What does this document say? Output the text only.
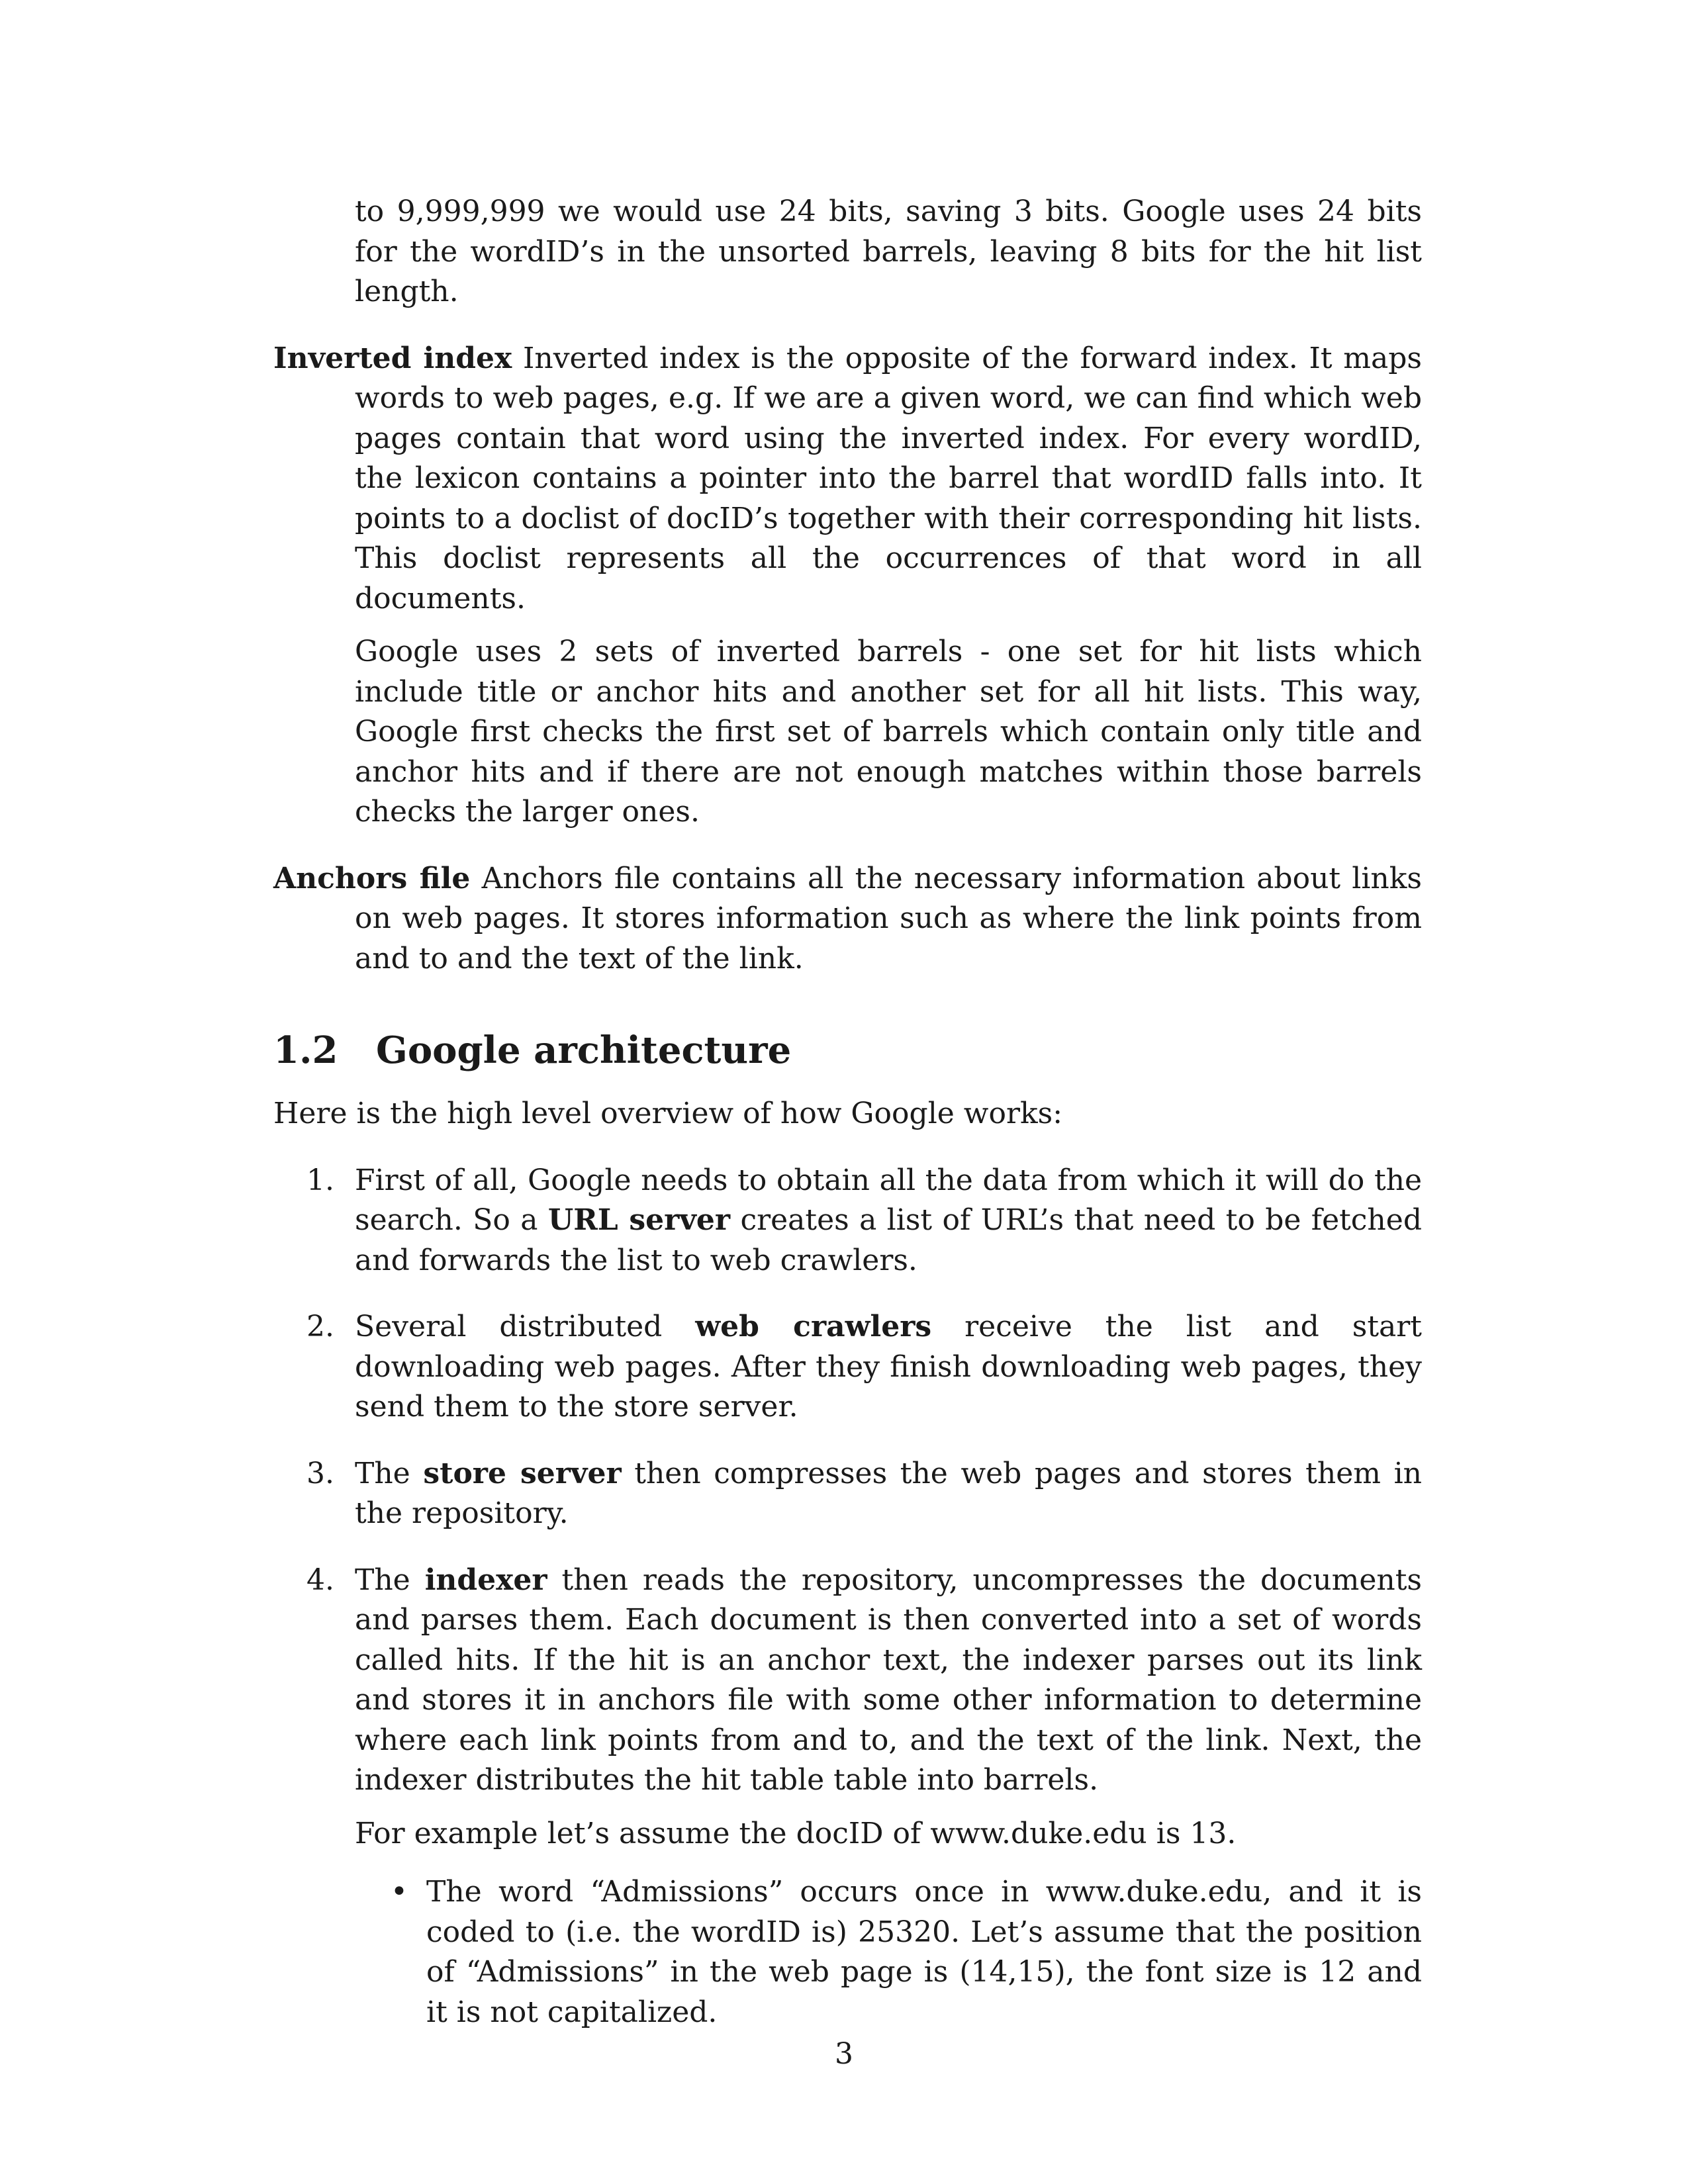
to 9,999,999 we would use 24 bits, saving 3 bits. Google uses 24 bits for the wordID’s in the unsorted barrels, leaving 8 bits for the hit list length.

Inverted index Inverted index is the opposite of the forward index. It maps words to web pages, e.g. If we are a given word, we can find which web pages contain that word using the inverted index. For every wordID, the lexicon contains a pointer into the barrel that wordID falls into. It points to a doclist of docID’s together with their corresponding hit lists. This doclist represents all the occurrences of that word in all documents.

Google uses 2 sets of inverted barrels - one set for hit lists which include title or anchor hits and another set for all hit lists. This way, Google first checks the first set of barrels which contain only title and anchor hits and if there are not enough matches within those barrels checks the larger ones.

Anchors file Anchors file contains all the necessary information about links on web pages. It stores information such as where the link points from and to and the text of the link.
1.2 Google architecture

Here is the high level overview of how Google works:

1. First of all, Google needs to obtain all the data from which it will do the search. So a URL server creates a list of URL’s that need to be fetched and forwards the list to web crawlers.
2. Several distributed web crawlers receive the list and start downloading web pages. After they finish downloading web pages, they send them to the store server.
3. The store server then compresses the web pages and stores them in the repository.
4. The indexer then reads the repository, uncompresses the documents and parses them. Each document is then converted into a set of words called hits. If the hit is an anchor text, the indexer parses out its link and stores it in anchors file with some other information to determine where each link points from and to, and the text of the link. Next, the indexer distributes the hit table table into barrels.

For example let’s assume the docID of www.duke.edu is 13.

• The word “Admissions” occurs once in www.duke.edu, and it is coded to (i.e. the wordID is) 25320. Let’s assume that the position of “Admissions” in the web page is (14,15), the font size is 12 and it is not capitalized.
3
